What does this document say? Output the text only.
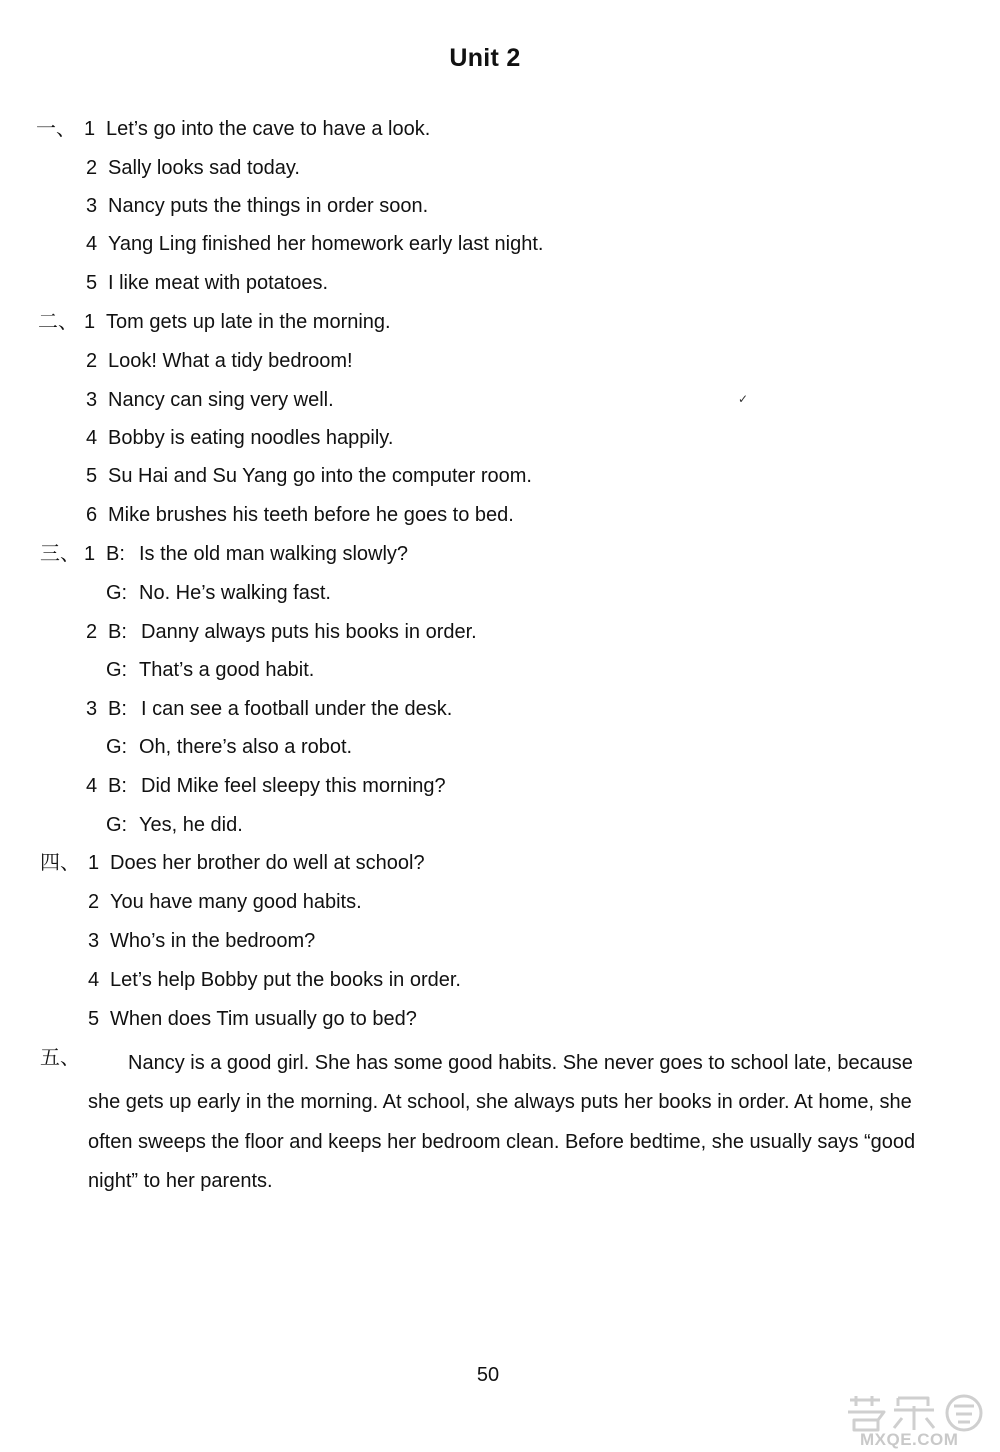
Unit 2
一、 1 Let’s go into the cave to have a look.
2 Sally looks sad today.
3 Nancy puts the things in order soon.
4 Yang Ling finished her homework early last night.
5 I like meat with potatoes.
二、 1 Tom gets up late in the morning.
2 Look! What a tidy bedroom!
3 Nancy can sing very well.
4 Bobby is eating noodles happily.
5 Su Hai and Su Yang go into the computer room.
6 Mike brushes his teeth before he goes to bed.
三、 1 B: Is the old man walking slowly?
G: No. He’s walking fast.
2 B: Danny always puts his books in order.
G: That’s a good habit.
3 B: I can see a football under the desk.
G: Oh, there’s also a robot.
4 B: Did Mike feel sleepy this morning?
G: Yes, he did.
四、 1 Does her brother do well at school?
2 You have many good habits.
3 Who’s in the bedroom?
4 Let’s help Bobby put the books in order.
5 When does Tim usually go to bed?
五、	Nancy is a good girl. She has some good habits. She never goes to school late, because she gets up early in the morning. At school, she always puts her books in order. At home, she often sweeps the floor and keeps her bedroom clean. Before bedtime, she usually says “good night” to her parents.
✓
50
MXQE.COM
